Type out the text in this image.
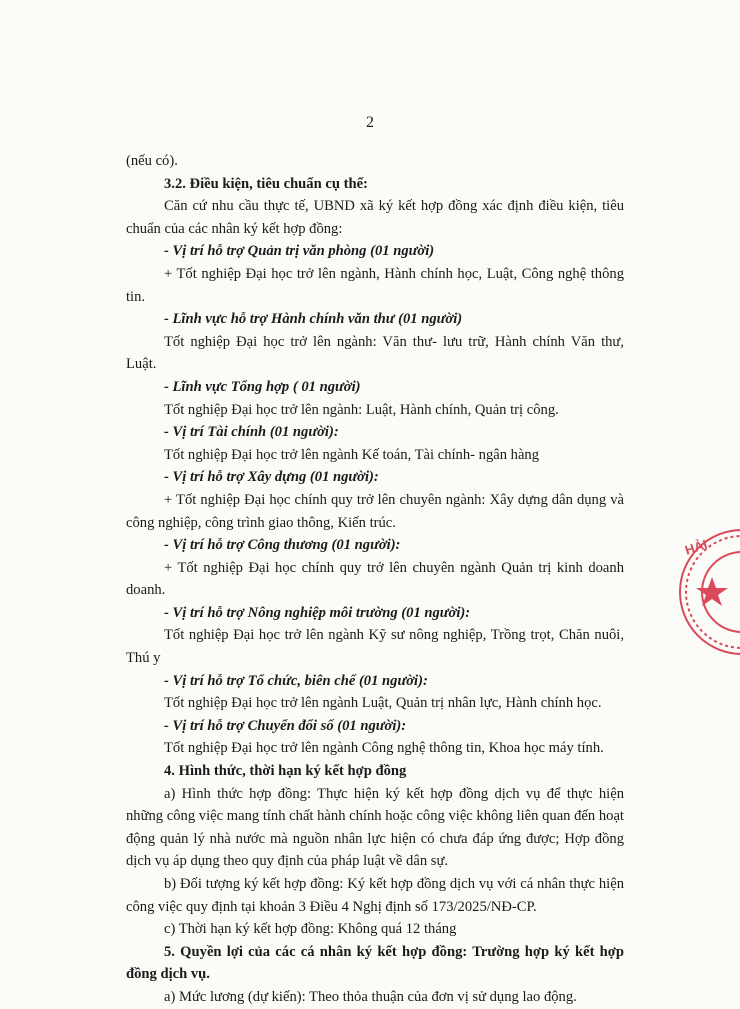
2

(nếu có).

3.2. Điều kiện, tiêu chuẩn cụ thể:

Căn cứ nhu cầu thực tế, UBND xã ký kết hợp đồng xác định điều kiện, tiêu chuẩn của các nhân ký kết hợp đồng:

- Vị trí hỗ trợ Quản trị văn phòng (01 người)

+ Tốt nghiệp Đại học trở lên ngành, Hành chính học, Luật, Công nghệ thông tin.

- Lĩnh vực hỗ trợ Hành chính văn thư (01 người)

Tốt nghiệp Đại học trở lên ngành: Văn thư- lưu trữ, Hành chính Văn thư, Luật.

- Lĩnh vực Tổng hợp ( 01 người)

Tốt nghiệp Đại học trở lên ngành: Luật, Hành chính, Quản trị công.

- Vị trí Tài chính (01 người):

Tốt nghiệp Đại học trở lên ngành Kế toán, Tài chính- ngân hàng

- Vị trí hỗ trợ Xây dựng (01 người):

+ Tốt nghiệp Đại học chính quy trở lên chuyên ngành: Xây dựng dân dụng và công nghiệp, công trình giao thông, Kiến trúc.

- Vị trí hỗ trợ Công thương (01 người):

+ Tốt nghiệp Đại học chính quy trở lên chuyên ngành Quản trị kinh doanh doanh.

- Vị trí hỗ trợ Nông nghiệp môi trường (01 người):

Tốt nghiệp Đại học trở lên ngành Kỹ sư nông nghiệp, Trồng trọt, Chăn nuôi, Thú y

- Vị trí hỗ trợ Tổ chức, biên chế (01 người):

Tốt nghiệp Đại học trở lên ngành Luật, Quản trị nhân lực, Hành chính học.

- Vị trí hỗ trợ Chuyển đổi số (01 người):

Tốt nghiệp Đại học trở lên ngành Công nghệ thông tin, Khoa học máy tính.

4. Hình thức, thời hạn ký kết hợp đồng

a) Hình thức hợp đồng: Thực hiện ký kết hợp đồng dịch vụ để thực hiện những công việc mang tính chất hành chính hoặc công việc không liên quan đến hoạt động quản lý nhà nước mà nguồn nhân lực hiện có chưa đáp ứng được; Hợp đồng dịch vụ áp dụng theo quy định của pháp luật về dân sự.

b) Đối tượng ký kết hợp đồng: Ký kết hợp đồng dịch vụ với cá nhân thực hiện công việc quy định tại khoản 3 Điều 4 Nghị định số 173/2025/NĐ-CP.

c) Thời hạn ký kết hợp đồng: Không quá 12 tháng

5. Quyền lợi của các cá nhân ký kết hợp đồng: Trường hợp ký kết hợp đồng dịch vụ.

a) Mức lương (dự kiến): Theo thỏa thuận của đơn vị sử dụng lao động.

HẢI
